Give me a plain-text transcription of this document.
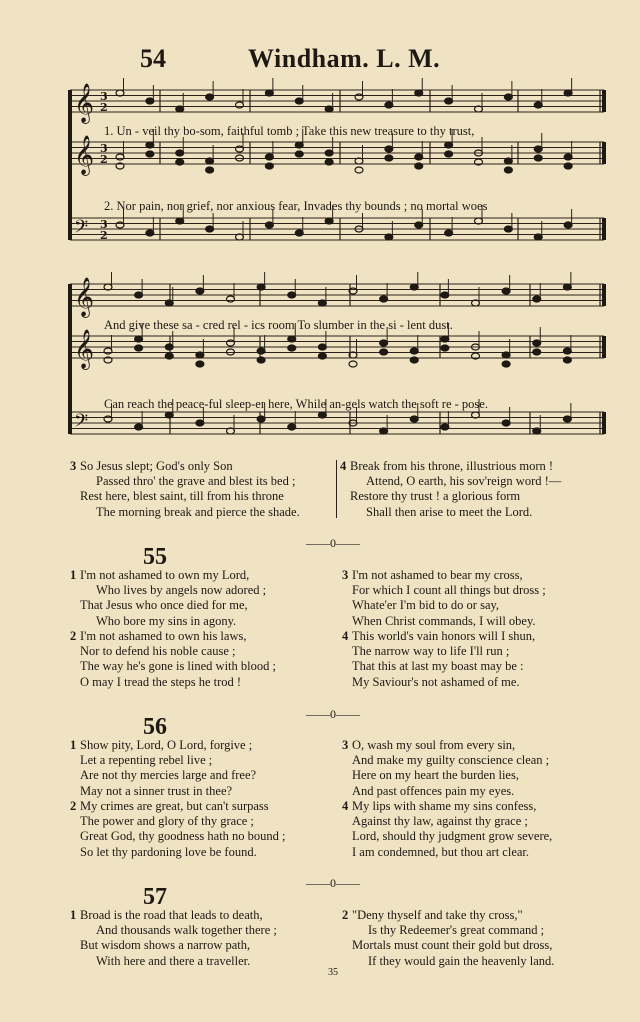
54	Windham. L. M.
𝄞 3
2
𝄞 3
2
𝄢 3
2
1. Un - veil thy bo-som, faithful tomb ; Take this new treasure to thy trust,
2. Nor pain, nor grief, nor anxious fear, Invades thy bounds ; no mortal woes
𝄞
𝄞
𝄢
And give these sa - cred rel - ics room To slumber in the si - lent dust.
Can reach the peace-ful sleep-er here, While an-gels watch the soft re - pose.
3 So Jesus slept; God's only Son
Passed thro' the grave and blest its bed ;
Rest here, blest saint, till from his throne
The morning break and pierce the shade.
4 Break from his throne, illustrious morn !
Attend, O earth, his sov'reign word !—
Restore thy trust ! a glorious form
Shall then arise to meet the Lord.
——0——
55
1 I'm not ashamed to own my Lord,
Who lives by angels now adored ;
That Jesus who once died for me,
Who bore my sins in agony.
2 I'm not ashamed to own his laws,
Nor to defend his noble cause ;
The way he's gone is lined with blood ;
O may I tread the steps he trod !
3 I'm not ashamed to bear my cross,
For which I count all things but dross ;
Whate'er I'm bid to do or say,
When Christ commands, I will obey.
4 This world's vain honors will I shun,
The narrow way to life I'll run ;
That this at last my boast may be :
My Saviour's not ashamed of me.
——0——
56
1 Show pity, Lord, O Lord, forgive ;
Let a repenting rebel live ;
Are not thy mercies large and free?
May not a sinner trust in thee?
2 My crimes are great, but can't surpass
The power and glory of thy grace ;
Great God, thy goodness hath no bound ;
So let thy pardoning love be found.
3 O, wash my soul from every sin,
And make my guilty conscience clean ;
Here on my heart the burden lies,
And past offences pain my eyes.
4 My lips with shame my sins confess,
Against thy law, against thy grace ;
Lord, should thy judgment grow severe,
I am condemned, but thou art clear.
——0——
57
1 Broad is the road that leads to death,
And thousands walk together there ;
But wisdom shows a narrow path,
With here and there a traveller.
2 "Deny thyself and take thy cross,"
Is thy Redeemer's great command ;
Mortals must count their gold but dross,
If they would gain the heavenly land.
35
